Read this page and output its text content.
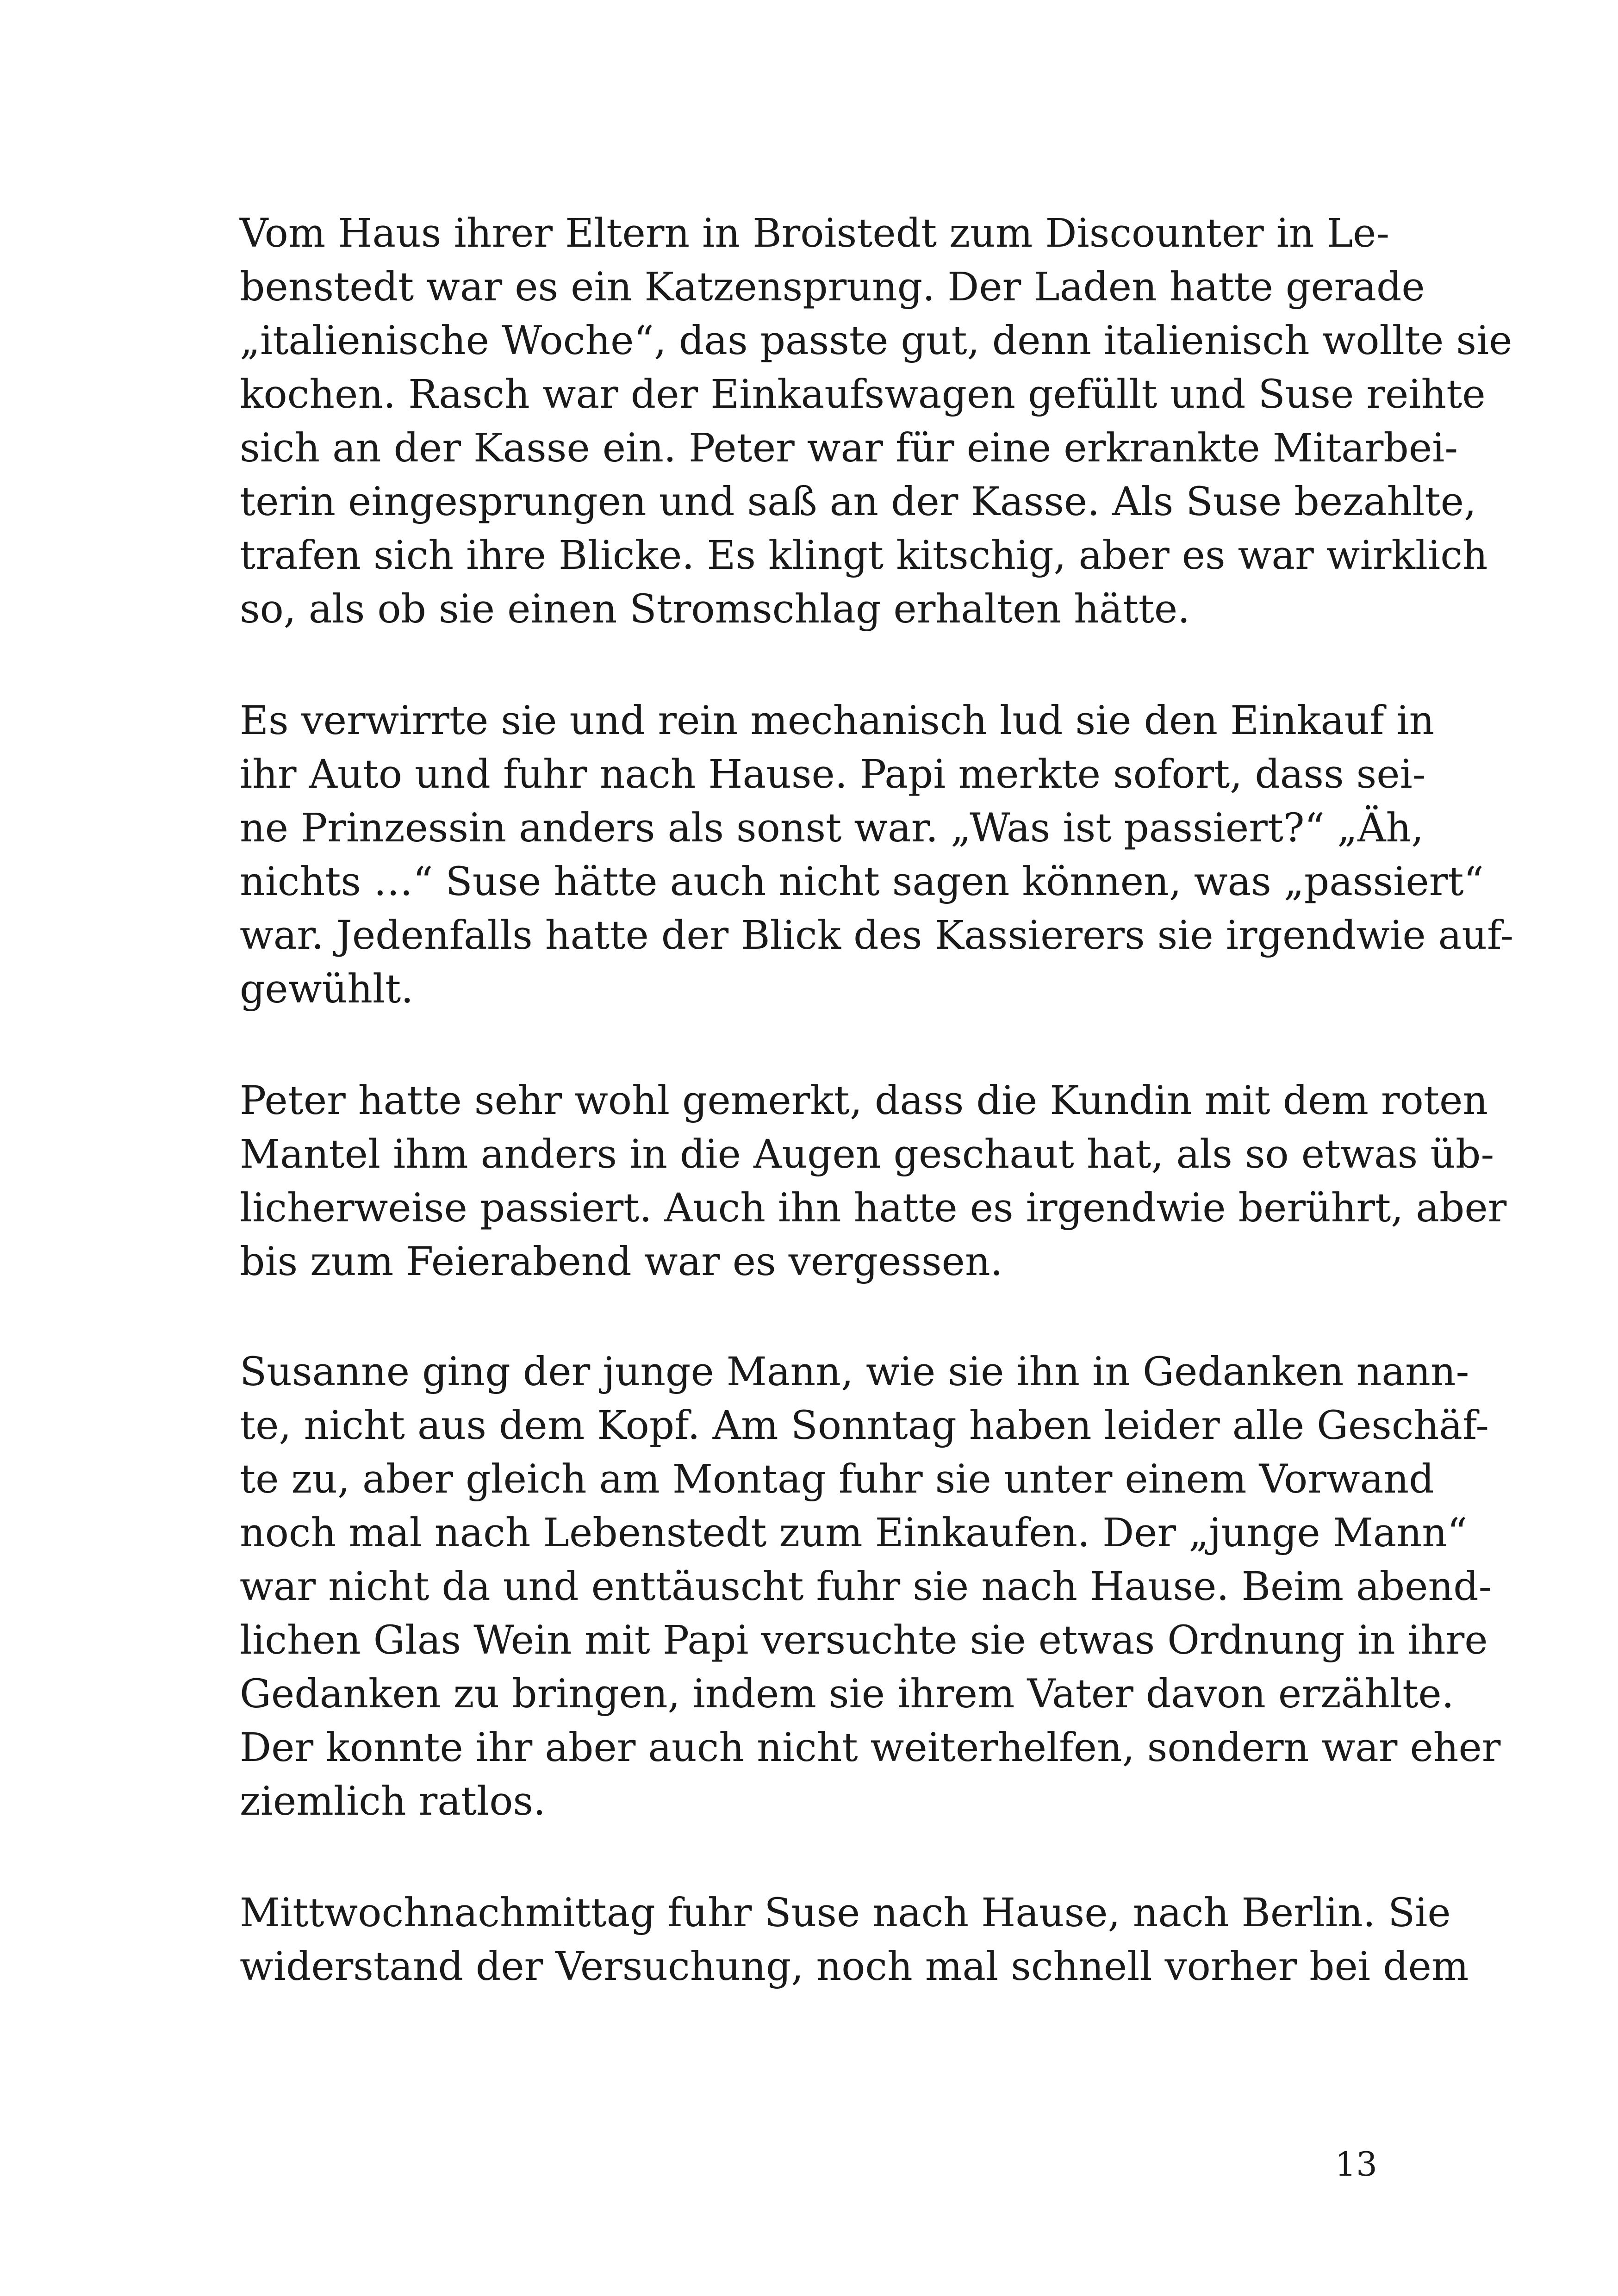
Vom Haus ihrer Eltern in Broistedt zum Discounter in Le-
benstedt war es ein Katzensprung. Der Laden hatte gerade
„italienische Woche“, das passte gut, denn italienisch wollte sie
kochen. Rasch war der Einkaufswagen gefüllt und Suse reihte
sich an der Kasse ein. Peter war für eine erkrankte Mitarbei-
terin eingesprungen und saß an der Kasse. Als Suse bezahlte,
trafen sich ihre Blicke. Es klingt kitschig, aber es war wirklich
so, als ob sie einen Stromschlag erhalten hätte.
Es verwirrte sie und rein mechanisch lud sie den Einkauf in
ihr Auto und fuhr nach Hause. Papi merkte sofort, dass sei-
ne Prinzessin anders als sonst war. „Was ist passiert?“ „Äh,
nichts …“ Suse hätte auch nicht sagen können, was „passiert“
war. Jedenfalls hatte der Blick des Kassierers sie irgendwie auf-
gewühlt.
Peter hatte sehr wohl gemerkt, dass die Kundin mit dem roten
Mantel ihm anders in die Augen geschaut hat, als so etwas üb-
licherweise passiert. Auch ihn hatte es irgendwie berührt, aber
bis zum Feierabend war es vergessen.
Susanne ging der junge Mann, wie sie ihn in Gedanken nann-
te, nicht aus dem Kopf. Am Sonntag haben leider alle Geschäf-
te zu, aber gleich am Montag fuhr sie unter einem Vorwand
noch mal nach Lebenstedt zum Einkaufen. Der „junge Mann“
war nicht da und enttäuscht fuhr sie nach Hause. Beim abend-
lichen Glas Wein mit Papi versuchte sie etwas Ordnung in ihre
Gedanken zu bringen, indem sie ihrem Vater davon erzählte.
Der konnte ihr aber auch nicht weiterhelfen, sondern war eher
ziemlich ratlos.
Mittwochnachmittag fuhr Suse nach Hause, nach Berlin. Sie
widerstand der Versuchung, noch mal schnell vorher bei dem
13
